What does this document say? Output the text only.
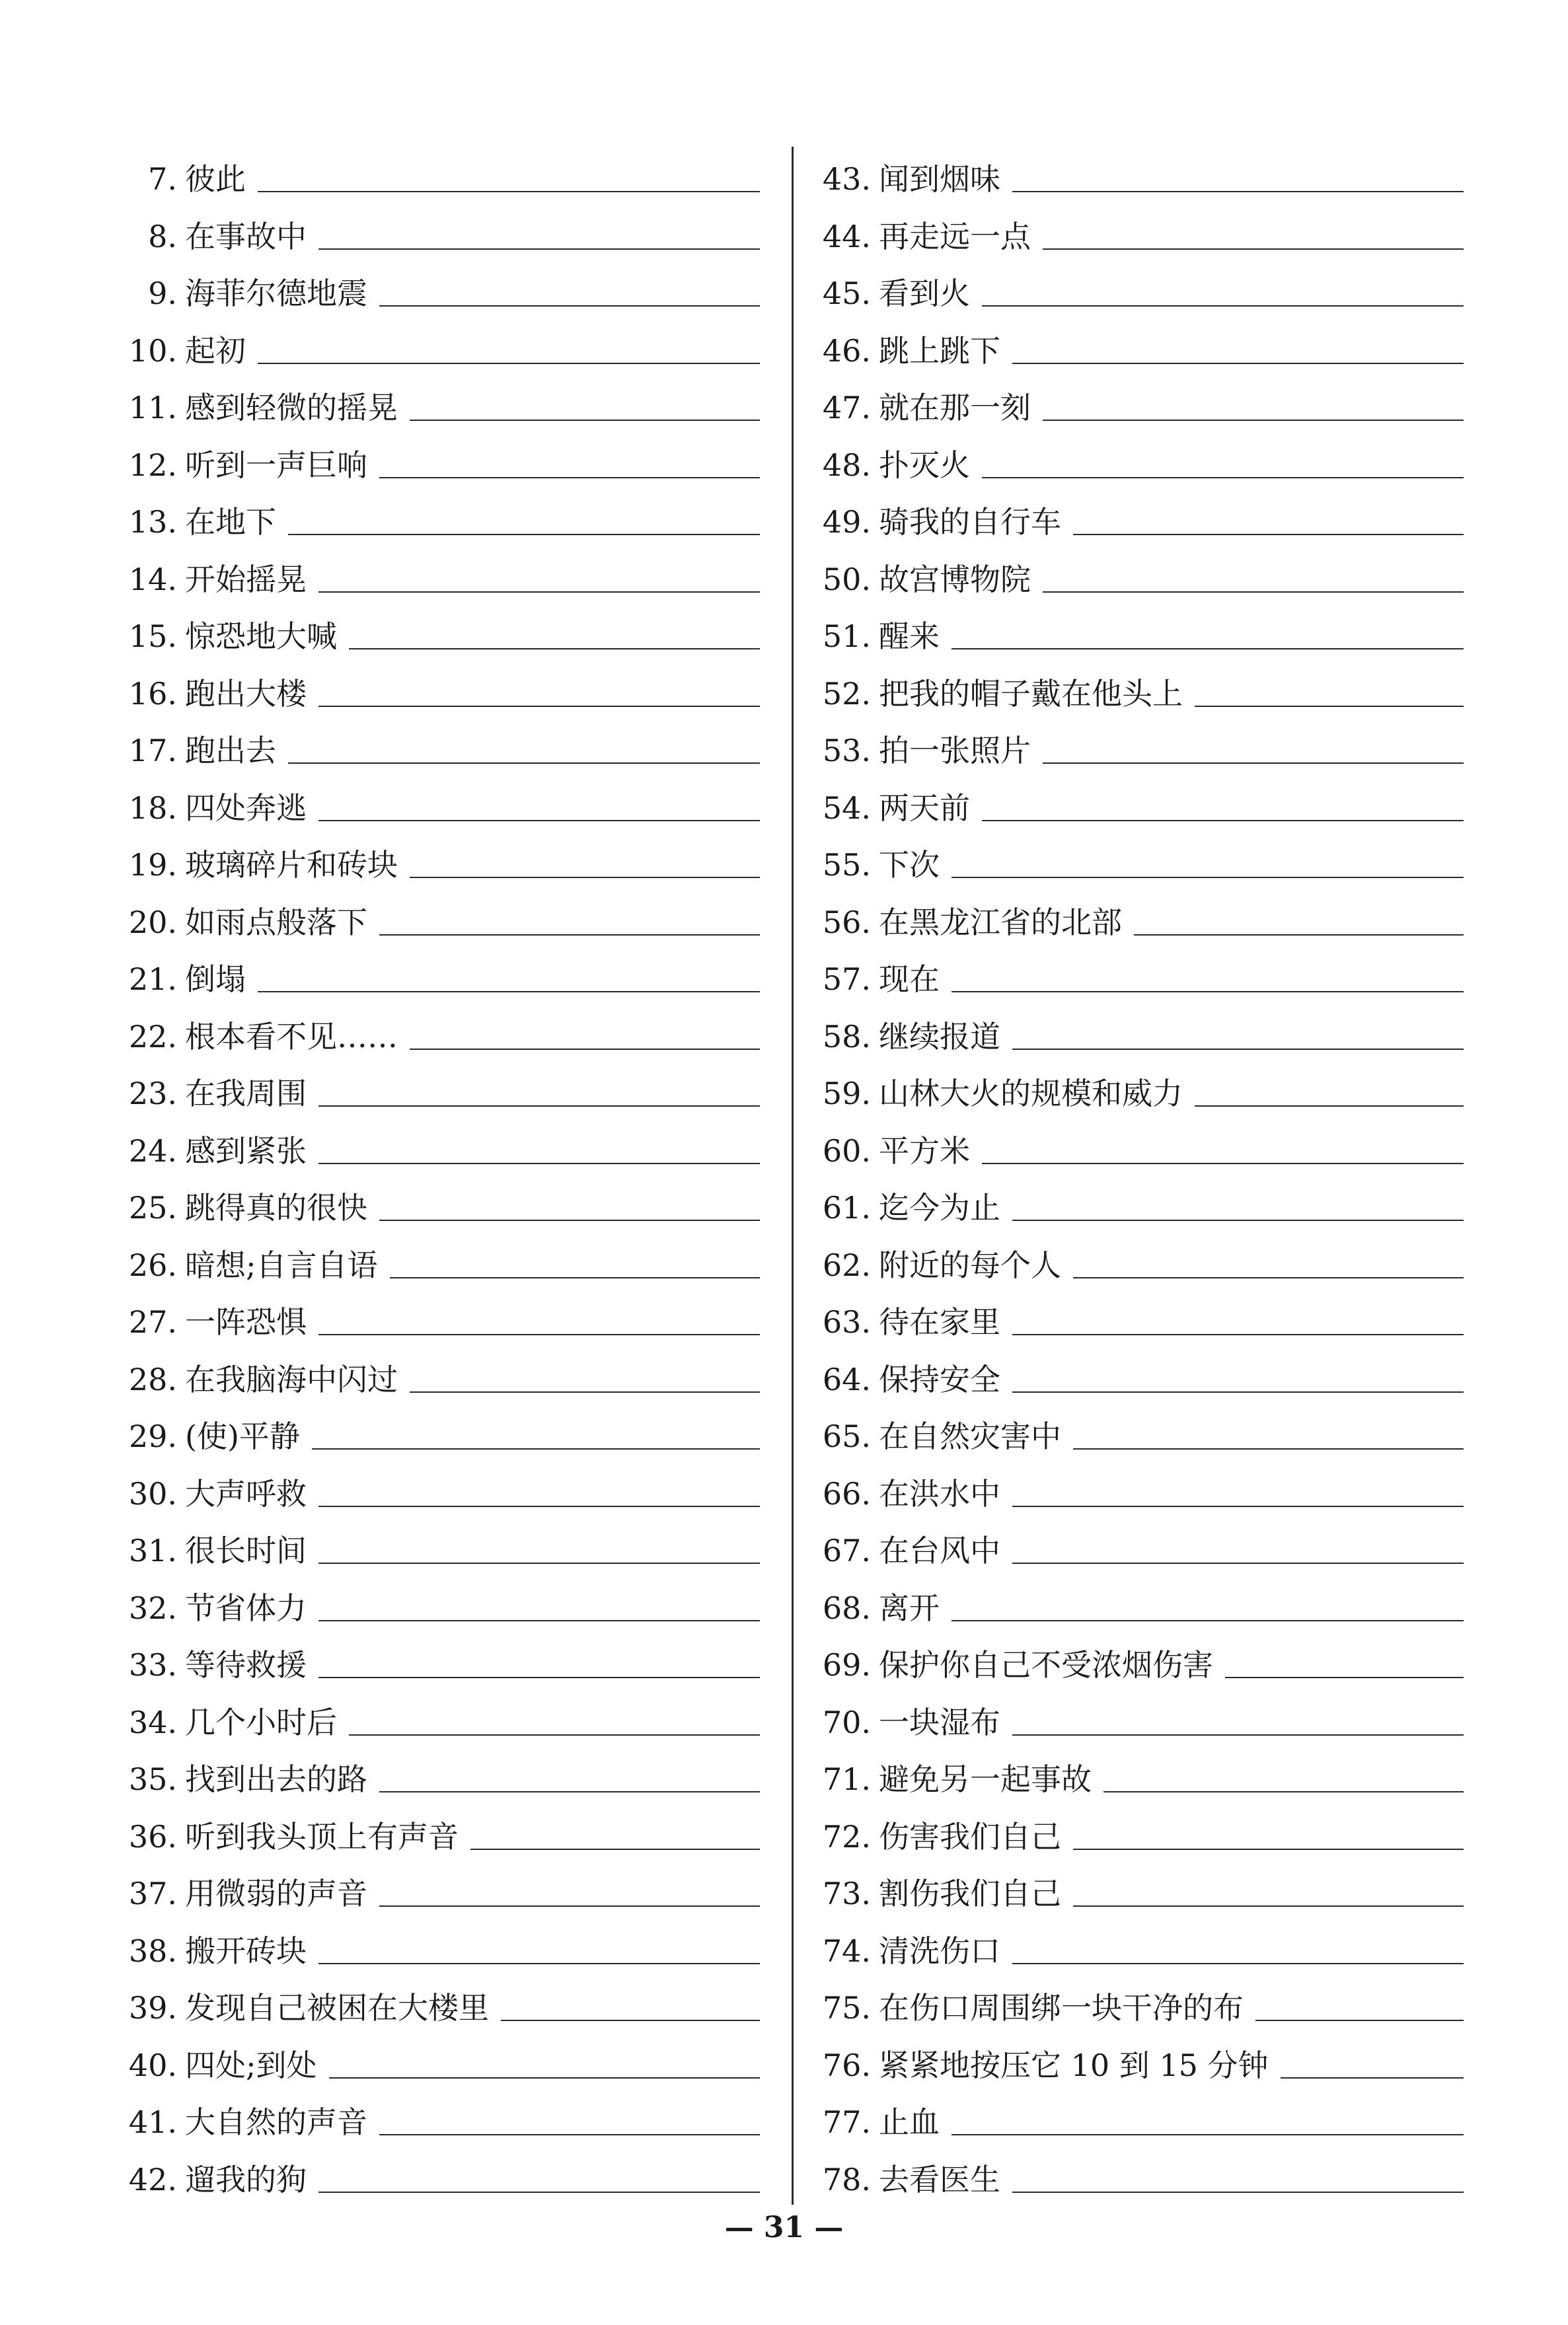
7. 彼此
8. 在事故中
9. 海菲尔德地震
10. 起初
11. 感到轻微的摇晃
12. 听到一声巨响
13. 在地下
14. 开始摇晃
15. 惊恐地大喊
16. 跑出大楼
17. 跑出去
18. 四处奔逃
19. 玻璃碎片和砖块
20. 如雨点般落下
21. 倒塌
22. 根本看不见……
23. 在我周围
24. 感到紧张
25. 跳得真的很快
26. 暗想;自言自语
27. 一阵恐惧
28. 在我脑海中闪过
29. (使)平静
30. 大声呼救
31. 很长时间
32. 节省体力
33. 等待救援
34. 几个小时后
35. 找到出去的路
36. 听到我头顶上有声音
37. 用微弱的声音
38. 搬开砖块
39. 发现自己被困在大楼里
40. 四处;到处
41. 大自然的声音
42. 遛我的狗
43. 闻到烟味
44. 再走远一点
45. 看到火
46. 跳上跳下
47. 就在那一刻
48. 扑灭火
49. 骑我的自行车
50. 故宫博物院
51. 醒来
52. 把我的帽子戴在他头上
53. 拍一张照片
54. 两天前
55. 下次
56. 在黑龙江省的北部
57. 现在
58. 继续报道
59. 山林大火的规模和威力
60. 平方米
61. 迄今为止
62. 附近的每个人
63. 待在家里
64. 保持安全
65. 在自然灾害中
66. 在洪水中
67. 在台风中
68. 离开
69. 保护你自己不受浓烟伤害
70. 一块湿布
71. 避免另一起事故
72. 伤害我们自己
73. 割伤我们自己
74. 清洗伤口
75. 在伤口周围绑一块干净的布
76. 紧紧地按压它 10 到 15 分钟
77. 止血
78. 去看医生
— 31 —
